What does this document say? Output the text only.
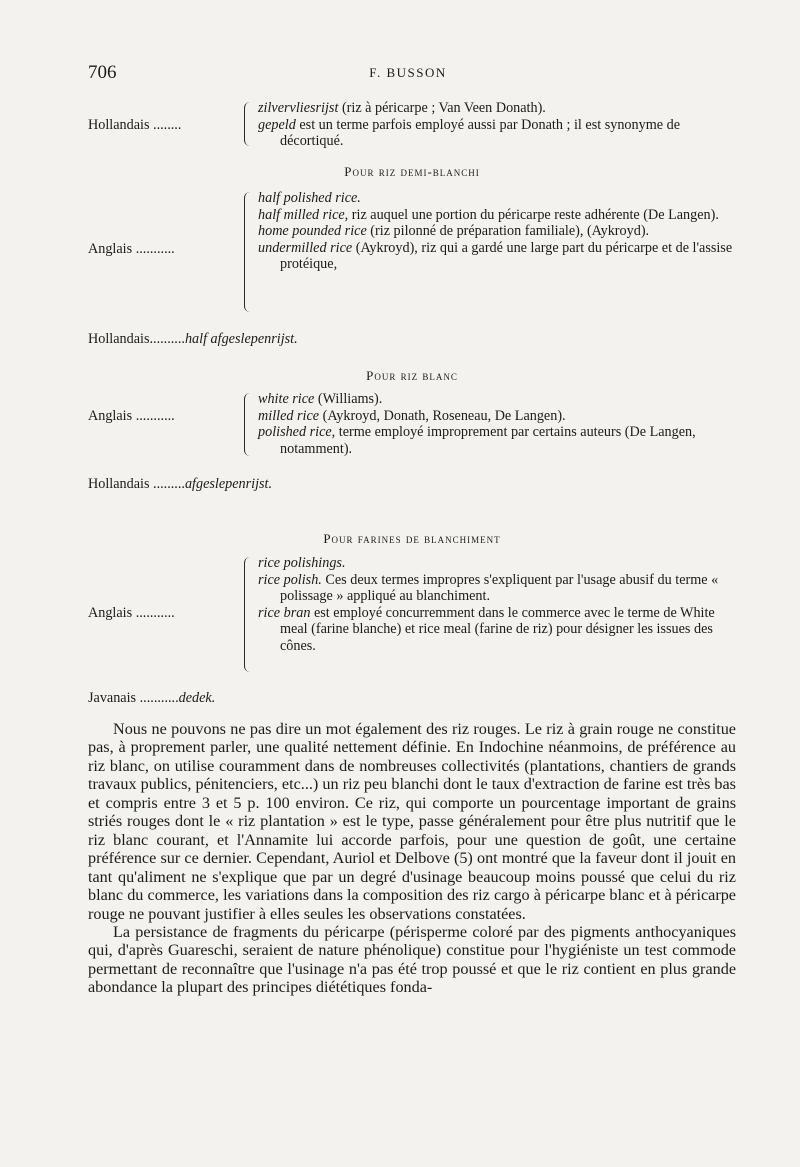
706	F. BUSSON
Hollandais ........
zilvervliesrijst (riz à péricarpe ; Van Veen Donath).
gepeld est un terme parfois employé aussi par Donath ; il est synonyme de décortiqué.
Pour riz demi-blanchi
Anglais ...........
half polished rice.
half milled rice, riz auquel une portion du péricarpe reste adhérente (De Langen).
home pounded rice (riz pilonné de préparation familiale), (Aykroyd).
undermilled rice (Aykroyd), riz qui a gardé une large part du péricarpe et de l'assise protéique,
Hollandais..........half afgeslepenrijst.
Pour riz blanc
Anglais ...........
white rice (Williams).
milled rice (Aykroyd, Donath, Roseneau, De Langen).
polished rice, terme employé improprement par certains auteurs (De Langen, notamment).
Hollandais .........afgeslepenrijst.
Pour farines de blanchiment
Anglais ...........
rice polishings.
rice polish. Ces deux termes impropres s'expliquent par l'usage abusif du terme « polissage » appliqué au blanchiment.
rice bran est employé concurremment dans le commerce avec le terme de White meal (farine blanche) et rice meal (farine de riz) pour désigner les issues des cônes.
Javanais ...........dedek.

Nous ne pouvons ne pas dire un mot également des riz rouges. Le riz à grain rouge ne constitue pas, à proprement parler, une qualité nettement définie. En Indochine néanmoins, de préférence au riz blanc, on utilise couramment dans de nombreuses collectivités (plantations, chantiers de grands travaux publics, pénitenciers, etc...) un riz peu blanchi dont le taux d'extraction de farine est très bas et compris entre 3 et 5 p. 100 environ. Ce riz, qui comporte un pourcentage important de grains striés rouges dont le « riz plantation » est le type, passe généralement pour être plus nutritif que le riz blanc courant, et l'Annamite lui accorde parfois, pour une question de goût, une certaine préférence sur ce dernier. Cependant, Auriol et Delbove (5) ont montré que la faveur dont il jouit en tant qu'aliment ne s'explique que par un degré d'usinage beaucoup moins poussé que celui du riz blanc du commerce, les variations dans la composition des riz cargo à péricarpe blanc et à péricarpe rouge ne pouvant justifier à elles seules les observations constatées.

La persistance de fragments du péricarpe (périsperme coloré par des pigments anthocyaniques qui, d'après Guareschi, seraient de nature phénolique) constitue pour l'hygiéniste un test commode permettant de reconnaître que l'usinage n'a pas été trop poussé et que le riz contient en plus grande abondance la plupart des principes diététiques fonda-
